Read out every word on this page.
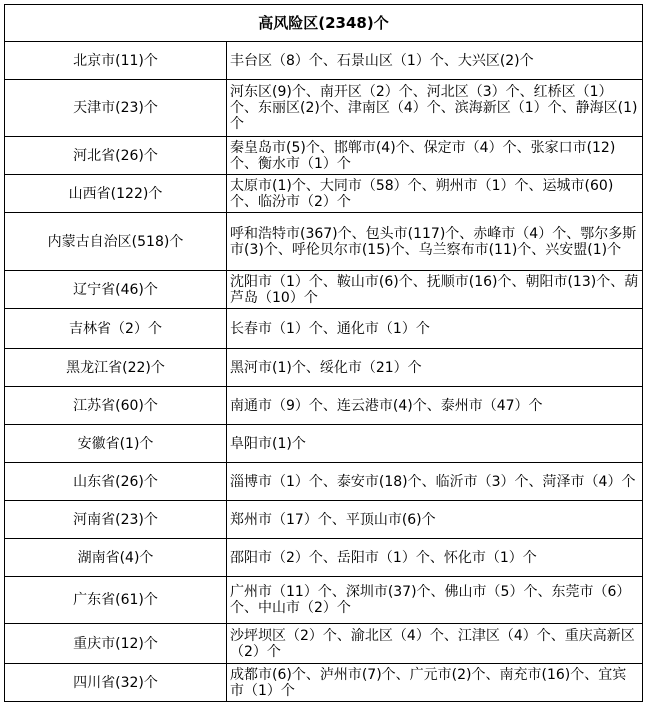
高风险区(2348)个	
北京市(11)个	丰台区（8）个、石景山区（1）个、大兴区(2)个
天津市(23)个	河东区(9)个、南开区（2）个、河北区（3）个、红桥区（1）个、东丽区(2)个、津南区（4）个、滨海新区（1）个、静海区(1)个
河北省(26)个	秦皇岛市(5)个、邯郸市(4)个、保定市（4）个、张家口市(12)个、衡水市（1）个
山西省(122)个	太原市(1)个、大同市（58）个、朔州市（1）个、运城市(60)个、临汾市（2）个
内蒙古自治区(518)个	呼和浩特市(367)个、包头市(117)个、赤峰市（4）个、鄂尔多斯市(3)个、呼伦贝尔市(15)个、乌兰察布市(11)个、兴安盟(1)个
辽宁省(46)个	沈阳市（1）个、鞍山市(6)个、抚顺市(16)个、朝阳市(13)个、葫芦岛（10）个
吉林省（2）个	长春市（1）个、通化市（1）个
黑龙江省(22)个	黑河市(1)个、绥化市（21）个
江苏省(60)个	南通市（9）个、连云港市(4)个、泰州市（47）个
安徽省(1)个	阜阳市(1)个
山东省(26)个	淄博市（1）个、泰安市(18)个、临沂市（3）个、菏泽市（4）个
河南省(23)个	郑州市（17）个、平顶山市(6)个
湖南省(4)个	邵阳市（2）个、岳阳市（1）个、怀化市（1）个
广东省(61)个	广州市（11）个、深圳市(37)个、佛山市（5）个、东莞市（6）个、中山市（2）个
重庆市(12)个	沙坪坝区（2）个、渝北区（4）个、江津区（4）个、重庆高新区（2）个
四川省(32)个	成都市(6)个、泸州市(7)个、广元市(2)个、南充市(16)个、宜宾市（1）个
